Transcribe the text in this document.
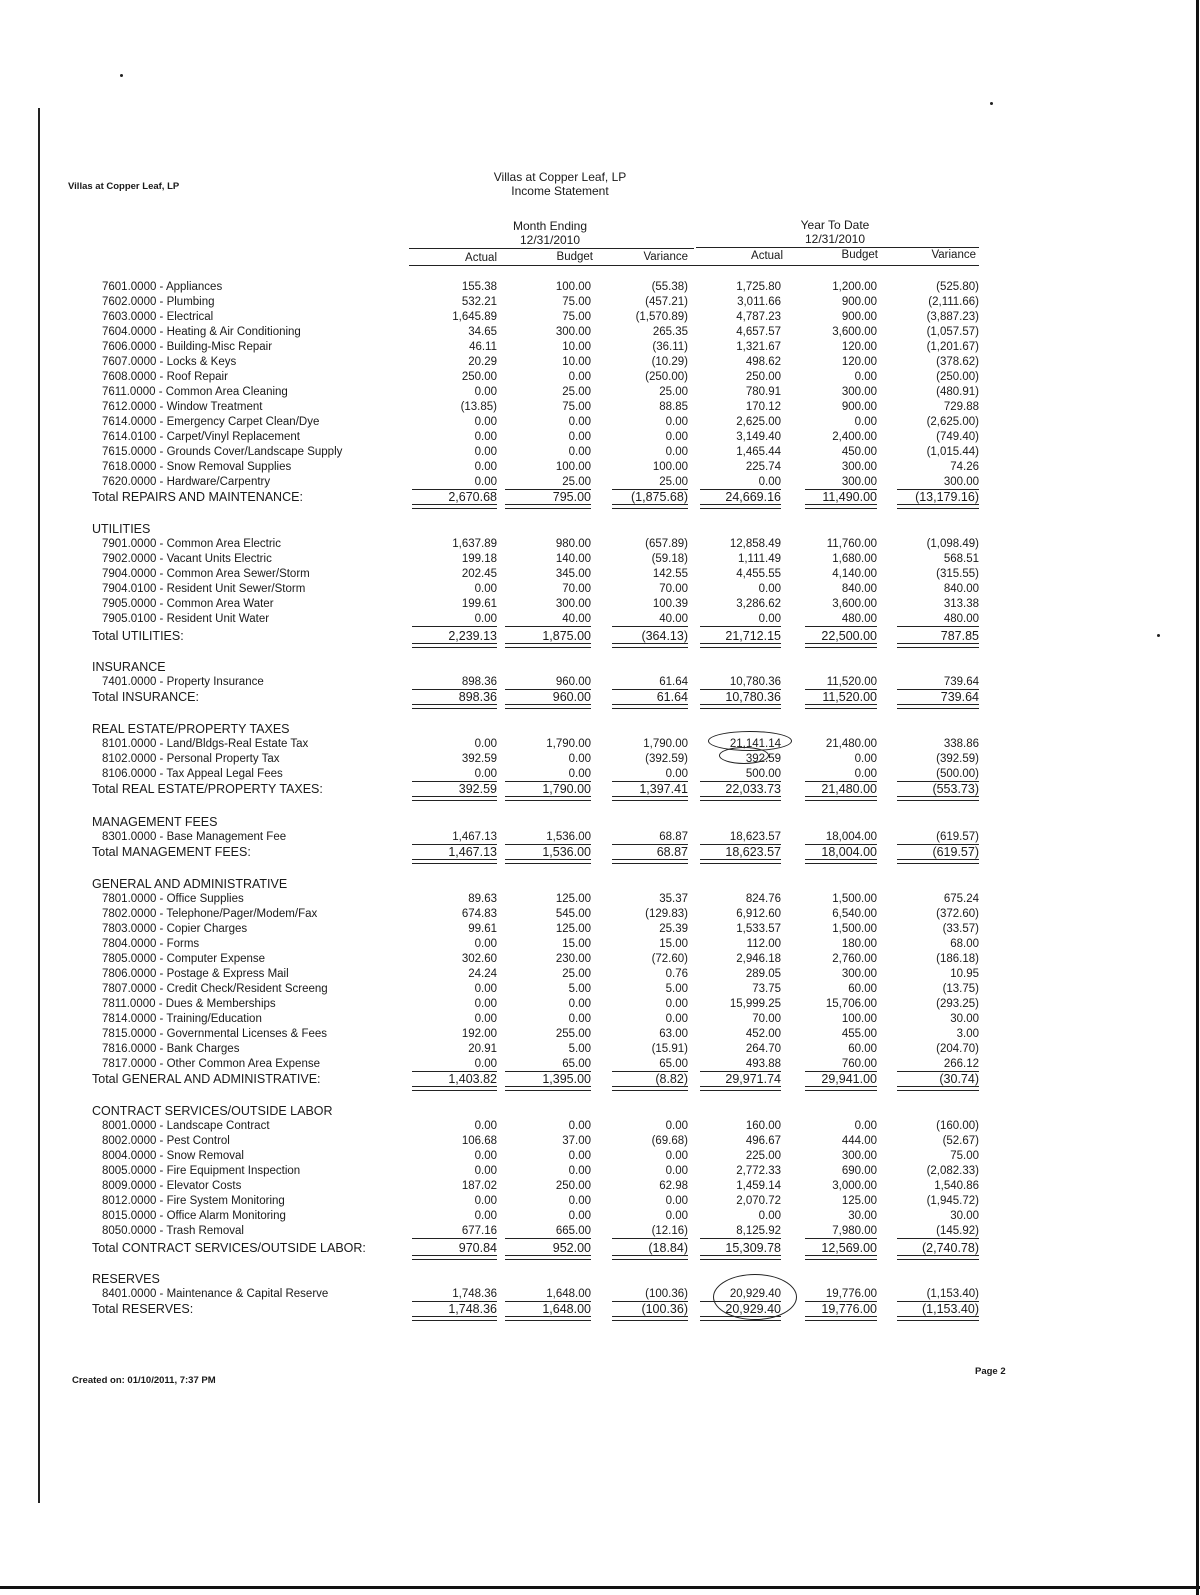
Villas at Copper Leaf, LP
Villas at Copper Leaf, LP
Income Statement
Month Ending
12/31/2010
Year To Date
12/31/2010
Actual	Budget	Variance	Actual	Budget	Variance
7601.0000 - Appliances	155.38	100.00	(55.38)	1,725.80	1,200.00	(525.80)
7602.0000 - Plumbing	532.21	75.00	(457.21)	3,011.66	900.00	(2,111.66)
7603.0000 - Electrical	1,645.89	75.00	(1,570.89)	4,787.23	900.00	(3,887.23)
7604.0000 - Heating & Air Conditioning	34.65	300.00	265.35	4,657.57	3,600.00	(1,057.57)
7606.0000 - Building-Misc Repair	46.11	10.00	(36.11)	1,321.67	120.00	(1,201.67)
7607.0000 - Locks & Keys	20.29	10.00	(10.29)	498.62	120.00	(378.62)
7608.0000 - Roof Repair	250.00	0.00	(250.00)	250.00	0.00	(250.00)
7611.0000 - Common Area Cleaning	0.00	25.00	25.00	780.91	300.00	(480.91)
7612.0000 - Window Treatment	(13.85)	75.00	88.85	170.12	900.00	729.88
7614.0000 - Emergency Carpet Clean/Dye	0.00	0.00	0.00	2,625.00	0.00	(2,625.00)
7614.0100 - Carpet/Vinyl Replacement	0.00	0.00	0.00	3,149.40	2,400.00	(749.40)
7615.0000 - Grounds Cover/Landscape Supply	0.00	0.00	0.00	1,465.44	450.00	(1,015.44)
7618.0000 - Snow Removal Supplies	0.00	100.00	100.00	225.74	300.00	74.26
7620.0000 - Hardware/Carpentry	0.00	25.00	25.00	0.00	300.00	300.00
Total REPAIRS AND MAINTENANCE:	2,670.68	795.00	(1,875.68)	24,669.16	11,490.00	(13,179.16)
UTILITIES
7901.0000 - Common Area Electric	1,637.89	980.00	(657.89)	12,858.49	11,760.00	(1,098.49)
7902.0000 - Vacant Units Electric	199.18	140.00	(59.18)	1,111.49	1,680.00	568.51
7904.0000 - Common Area Sewer/Storm	202.45	345.00	142.55	4,455.55	4,140.00	(315.55)
7904.0100 - Resident Unit Sewer/Storm	0.00	70.00	70.00	0.00	840.00	840.00
7905.0000 - Common Area Water	199.61	300.00	100.39	3,286.62	3,600.00	313.38
7905.0100 - Resident Unit Water	0.00	40.00	40.00	0.00	480.00	480.00
Total UTILITIES:	2,239.13	1,875.00	(364.13)	21,712.15	22,500.00	787.85
INSURANCE
7401.0000 - Property Insurance	898.36	960.00	61.64	10,780.36	11,520.00	739.64
Total INSURANCE:	898.36	960.00	61.64	10,780.36	11,520.00	739.64
REAL ESTATE/PROPERTY TAXES
8101.0000 - Land/Bldgs-Real Estate Tax	0.00	1,790.00	1,790.00	21,141.14	21,480.00	338.86
8102.0000 - Personal Property Tax	392.59	0.00	(392.59)	392.59	0.00	(392.59)
8106.0000 - Tax Appeal Legal Fees	0.00	0.00	0.00	500.00	0.00	(500.00)
Total REAL ESTATE/PROPERTY TAXES:	392.59	1,790.00	1,397.41	22,033.73	21,480.00	(553.73)
MANAGEMENT FEES
8301.0000 - Base Management Fee	1,467.13	1,536.00	68.87	18,623.57	18,004.00	(619.57)
Total MANAGEMENT FEES:	1,467.13	1,536.00	68.87	18,623.57	18,004.00	(619.57)
GENERAL AND ADMINISTRATIVE
7801.0000 - Office Supplies	89.63	125.00	35.37	824.76	1,500.00	675.24
7802.0000 - Telephone/Pager/Modem/Fax	674.83	545.00	(129.83)	6,912.60	6,540.00	(372.60)
7803.0000 - Copier Charges	99.61	125.00	25.39	1,533.57	1,500.00	(33.57)
7804.0000 - Forms	0.00	15.00	15.00	112.00	180.00	68.00
7805.0000 - Computer Expense	302.60	230.00	(72.60)	2,946.18	2,760.00	(186.18)
7806.0000 - Postage & Express Mail	24.24	25.00	0.76	289.05	300.00	10.95
7807.0000 - Credit Check/Resident Screeng	0.00	5.00	5.00	73.75	60.00	(13.75)
7811.0000 - Dues & Memberships	0.00	0.00	0.00	15,999.25	15,706.00	(293.25)
7814.0000 - Training/Education	0.00	0.00	0.00	70.00	100.00	30.00
7815.0000 - Governmental Licenses & Fees	192.00	255.00	63.00	452.00	455.00	3.00
7816.0000 - Bank Charges	20.91	5.00	(15.91)	264.70	60.00	(204.70)
7817.0000 - Other Common Area Expense	0.00	65.00	65.00	493.88	760.00	266.12
Total GENERAL AND ADMINISTRATIVE:	1,403.82	1,395.00	(8.82)	29,971.74	29,941.00	(30.74)
CONTRACT SERVICES/OUTSIDE LABOR
8001.0000 - Landscape Contract	0.00	0.00	0.00	160.00	0.00	(160.00)
8002.0000 - Pest Control	106.68	37.00	(69.68)	496.67	444.00	(52.67)
8004.0000 - Snow Removal	0.00	0.00	0.00	225.00	300.00	75.00
8005.0000 - Fire Equipment Inspection	0.00	0.00	0.00	2,772.33	690.00	(2,082.33)
8009.0000 - Elevator Costs	187.02	250.00	62.98	1,459.14	3,000.00	1,540.86
8012.0000 - Fire System Monitoring	0.00	0.00	0.00	2,070.72	125.00	(1,945.72)
8015.0000 - Office Alarm Monitoring	0.00	0.00	0.00	0.00	30.00	30.00
8050.0000 - Trash Removal	677.16	665.00	(12.16)	8,125.92	7,980.00	(145.92)
Total CONTRACT SERVICES/OUTSIDE LABOR:	970.84	952.00	(18.84)	15,309.78	12,569.00	(2,740.78)
RESERVES
8401.0000 - Maintenance & Capital Reserve	1,748.36	1,648.00	(100.36)	20,929.40	19,776.00	(1,153.40)
Total RESERVES:	1,748.36	1,648.00	(100.36)	20,929.40	19,776.00	(1,153.40)
Created on: 01/10/2011, 7:37 PM
Page 2
